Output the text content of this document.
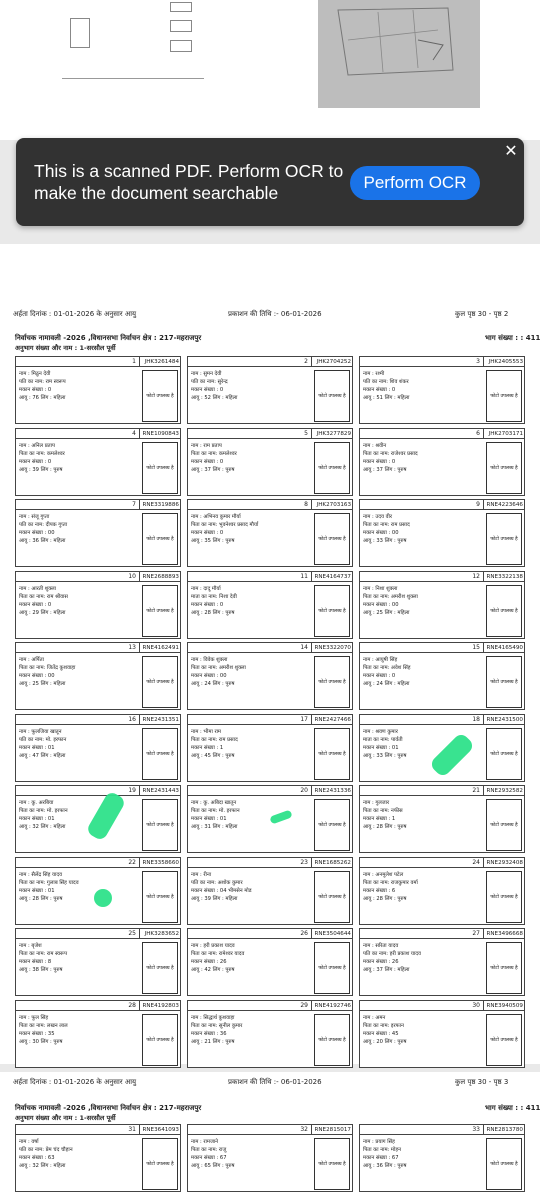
This is a scanned PDF. Perform OCR to make the document searchable
Perform OCR
✕
अर्हता दिनांक : 01-01-2026 के अनुसार आयु	प्रकाशन की तिथि :- 06-01-2026	कुल पृष्ठ 30 - पृष्ठ 2
निर्वाचक नामावली -2026 ,विधानसभा निर्वाचन क्षेत्र : 217-महराजपुर	भाग संख्या : : 411
अनुभाग संख्या और नाम : 1-सरसौल पूर्वी
1	JHK3261484
नाम : मिठुन देवी
पति का नाम: राम स्वरूप
मकान संख्या : 0
आयु : 76 लिंग : महिला	फोटो उपलब्ध है
2	JHK2704252
नाम : सुमन देवी
पति का नाम: सुरेन्द्र
मकान संख्या : 0
आयु : 52 लिंग : महिला	फोटो उपलब्ध है
3	JHK2405553
नाम : रश्मी
पति का नाम: शिव शंकर
मकान संख्या : 0
आयु : 51 लिंग : महिला	फोटो उपलब्ध है
4	RNE1090843
नाम : अनिल प्रताप
पिता का नाम: कमलेश्वर
मकान संख्या : 0
आयु : 39 लिंग : पुरुष	फोटो उपलब्ध है
5	JHK3277829
नाम : राम प्रताप
पिता का नाम: कमलेश्वर
मकान संख्या : 0
आयु : 37 लिंग : पुरुष	फोटो उपलब्ध है
6	JHK2703171
नाम : श्रवीन
पिता का नाम: राजेश्वर प्रसाद
मकान संख्या : 0
आयु : 37 लिंग : पुरुष	फोटो उपलब्ध है
7	RNE3319886
नाम : संजू गुप्ता
पति का नाम: दीपक गुप्ता
मकान संख्या : 00
आयु : 36 लिंग : महिला	फोटो उपलब्ध है
8	JHK2703163
नाम : अभिनव कुमार मौर्या
पिता का नाम: भुवनेश्वर प्रसाद मौर्या
मकान संख्या : 0
आयु : 35 लिंग : पुरुष	फोटो उपलब्ध है
9	RNE4223646
नाम : उदय वीर
पिता का नाम: राम प्रसाद
मकान संख्या : 00
आयु : 33 लिंग : पुरुष	फोटो उपलब्ध है
10	RNE2688893
नाम : आरती शुक्ला
पिता का नाम: राम श्रीवास
मकान संख्या : 0
आयु : 29 लिंग : महिला	फोटो उपलब्ध है
11	RNE4164737
नाम : दादू मौर्या
माता का नाम: निशा देवी
मकान संख्या : 0
आयु : 28 लिंग : पुरुष	फोटो उपलब्ध है
12	RNE3322138
नाम : निशा शुक्ला
पिता का नाम: अमरीश शुक्ला
मकान संख्या : 00
आयु : 25 लिंग : महिला	फोटो उपलब्ध है
13	RNE4162491
नाम : अर्पिता
पिता का नाम: जितेंद्र कुशवाहा
मकान संख्या : 00
आयु : 25 लिंग : महिला	फोटो उपलब्ध है
14	RNE3322070
नाम : विवेक शुक्ला
पिता का नाम: अमरीश शुक्ला
मकान संख्या : 00
आयु : 24 लिंग : पुरुष	फोटो उपलब्ध है
15	RNE4165490
नाम : आयुषी सिंह
पिता का नाम: अवेश सिंह
मकान संख्या : 0
आयु : 24 लिंग : महिला	फोटो उपलब्ध है
16	RNE2431351
नाम : फूलजिया खातून
पति का नाम: मो. इरफान
मकान संख्या : 01
आयु : 47 लिंग : महिला	फोटो उपलब्ध है
17	RNE2427466
नाम : भीमा राम
पिता का नाम: राम प्रसाद
मकान संख्या : 1
आयु : 45 लिंग : पुरुष	फोटो उपलब्ध है
18	RNE2431500
नाम : श्रवण कुमार
माता का नाम: पार्वती
मकान संख्या : 01
आयु : 33 लिंग : पुरुष	फोटो उपलब्ध है
19	RNE2431443
नाम : कु. अरबिया
पिता का नाम: मो. इरफान
मकान संख्या : 01
आयु : 32 लिंग : महिला	फोटो उपलब्ध है
20	RNE2431336
नाम : कु. अबिदा खातून
पिता का नाम: मो. इरफान
मकान संख्या : 01
आयु : 31 लिंग : महिला	फोटो उपलब्ध है
21	RNE2932582
नाम : गुलजार
पिता का नाम: नफीस
मकान संख्या : 1
आयु : 28 लिंग : पुरुष	फोटो उपलब्ध है
22	RNE3358660
नाम : सैलेंद्र सिंह यादव
पिता का नाम: गुलाब सिंह यादव
मकान संख्या : 01
आयु : 28 लिंग : पुरुष	फोटो उपलब्ध है
23	RNE1685262
नाम : रीना
पति का नाम: अशोक कुमार
मकान संख्या : 04 भीमसेन मोड
आयु : 39 लिंग : महिला	फोटो उपलब्ध है
24	RNE2932408
नाम : अनमुलेश पटेल
पिता का नाम: राजकुमार वर्मा
मकान संख्या : 6
आयु : 28 लिंग : पुरुष	फोटो उपलब्ध है
25	JHK3283652
नाम : बृजेश
पिता का नाम: राम स्वरूप
मकान संख्या : 8
आयु : 38 लिंग : पुरुष	फोटो उपलब्ध है
26	RNE3504644
नाम : हरी प्रकाश यादव
पिता का नाम: रामेश्वर यादव
मकान संख्या : 26
आयु : 42 लिंग : पुरुष	फोटो उपलब्ध है
27	RNE3496668
नाम : सरिता यादव
पति का नाम: हरी प्रकाश यादव
मकान संख्या : 26
आयु : 37 लिंग : महिला	फोटो उपलब्ध है
28	RNE4192803
नाम : फूल सिंह
पिता का नाम: लखन लाल
मकान संख्या : 35
आयु : 30 लिंग : पुरुष	फोटो उपलब्ध है
29	RNE4192746
नाम : सिद्धार्थ कुशवाहा
पिता का नाम: सुनील कुमार
मकान संख्या : 36
आयु : 21 लिंग : पुरुष	फोटो उपलब्ध है
30	RNE3940509
नाम : अमन
पिता का नाम: इरफान
मकान संख्या : 45
आयु : 20 लिंग : पुरुष	फोटो उपलब्ध है
अर्हता दिनांक : 01-01-2026 के अनुसार आयु	प्रकाशन की तिथि :- 06-01-2026	कुल पृष्ठ 30 - पृष्ठ 3
निर्वाचक नामावली -2026 ,विधानसभा निर्वाचन क्षेत्र : 217-महराजपुर	भाग संख्या : : 411
अनुभाग संख्या और नाम : 1-सरसौल पूर्वी
31	RNE3641093
नाम : वर्षा
पति का नाम: प्रेम चंद चौहान
मकान संख्या : 63
आयु : 32 लिंग : महिला	फोटो उपलब्ध है
32	RNE2815017
नाम : रामजाने
पिता का नाम: राजू
मकान संख्या : 67
आयु : 65 लिंग : पुरुष	फोटो उपलब्ध है
33	RNE2813780
नाम : प्रयाग सिंह
पिता का नाम: मोहन
मकान संख्या : 67
आयु : 36 लिंग : पुरुष	फोटो उपलब्ध है
